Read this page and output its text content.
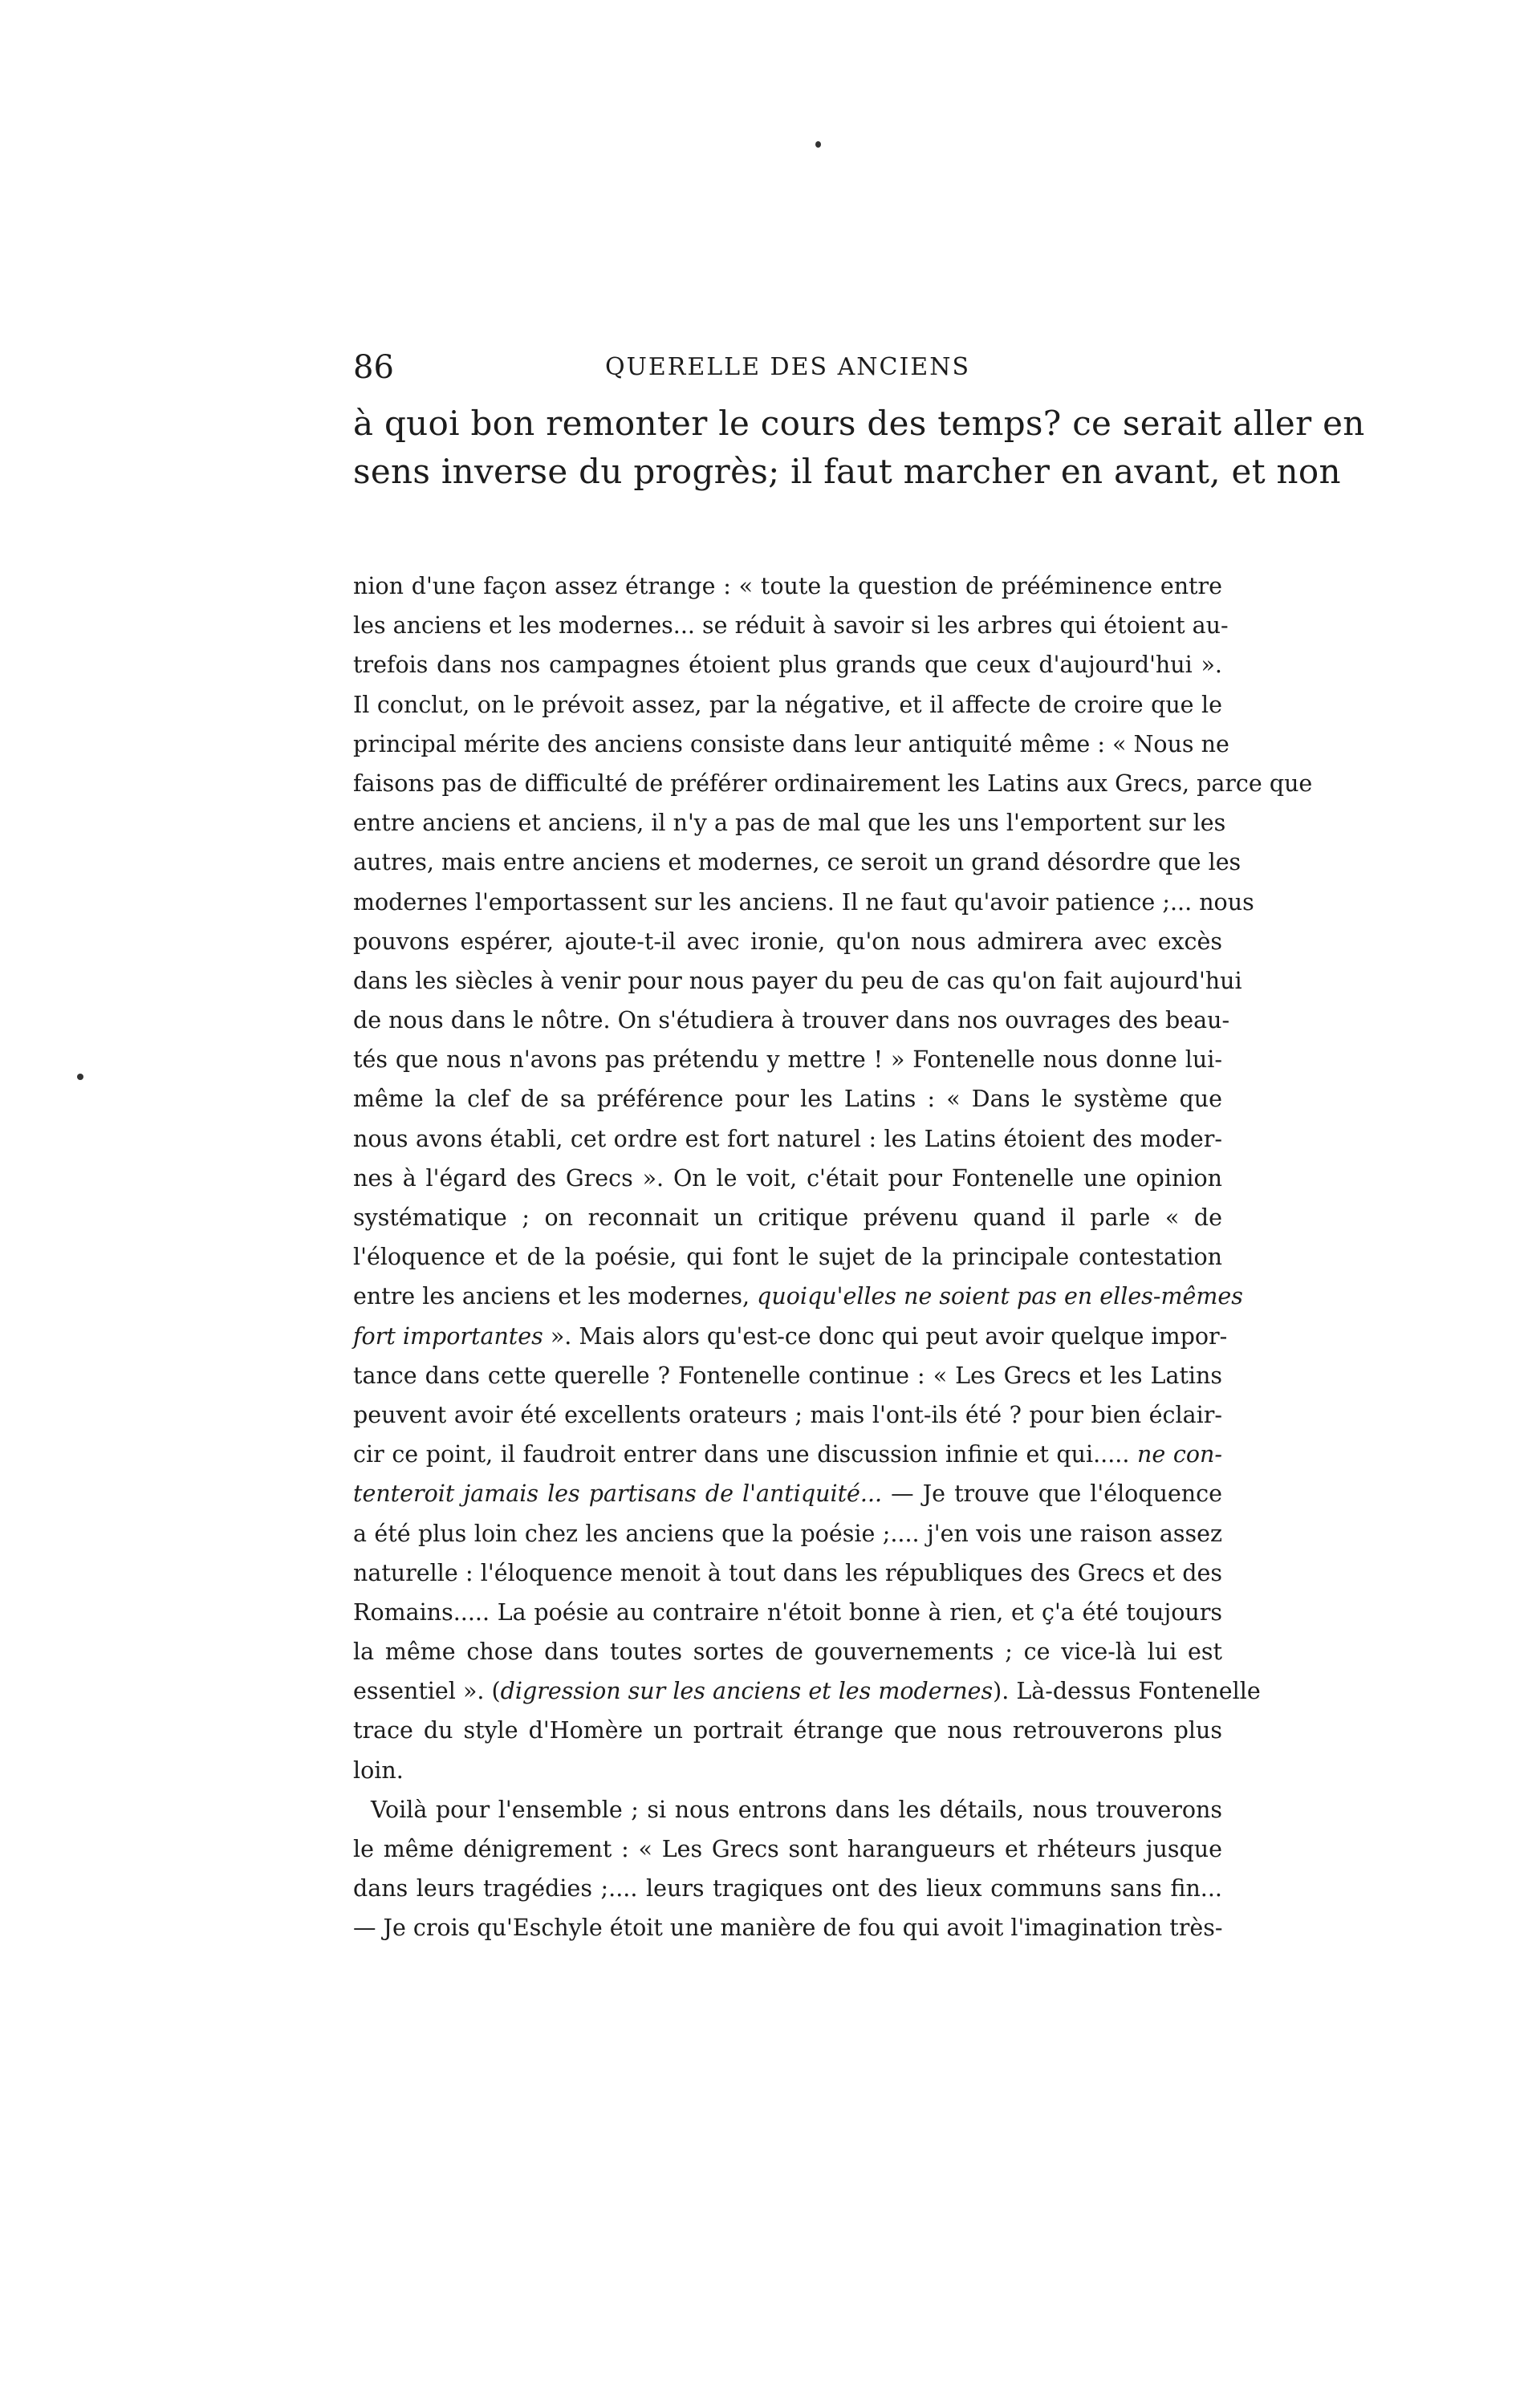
86	QUERELLE DES ANCIENS
à quoi bon remonter le cours des temps? ce serait aller en
sens inverse du progrès; il faut marcher en avant, et non
nion d'une façon assez étrange : « toute la question de prééminence entre
les anciens et les modernes... se réduit à savoir si les arbres qui étoient au-
trefois dans nos campagnes étoient plus grands que ceux d'aujourd'hui ».
Il conclut, on le prévoit assez, par la négative, et il affecte de croire que le
principal mérite des anciens consiste dans leur antiquité même : « Nous ne
faisons pas de difficulté de préférer ordinairement les Latins aux Grecs, parce que
entre anciens et anciens, il n'y a pas de mal que les uns l'emportent sur les
autres, mais entre anciens et modernes, ce seroit un grand désordre que les
modernes l'emportassent sur les anciens. Il ne faut qu'avoir patience ;... nous
pouvons espérer, ajoute-t-il avec ironie, qu'on nous admirera avec excès
dans les siècles à venir pour nous payer du peu de cas qu'on fait aujourd'hui
de nous dans le nôtre. On s'étudiera à trouver dans nos ouvrages des beau-
tés que nous n'avons pas prétendu y mettre ! » Fontenelle nous donne lui-
même la clef de sa préférence pour les Latins : « Dans le système que
nous avons établi, cet ordre est fort naturel : les Latins étoient des moder-
nes à l'égard des Grecs ». On le voit, c'était pour Fontenelle une opinion
systématique ; on reconnait un critique prévenu quand il parle « de
l'éloquence et de la poésie, qui font le sujet de la principale contestation
entre les anciens et les modernes, quoiqu'elles ne soient pas en elles-mêmes
fort importantes ». Mais alors qu'est-ce donc qui peut avoir quelque impor-
tance dans cette querelle ? Fontenelle continue : « Les Grecs et les Latins
peuvent avoir été excellents orateurs ; mais l'ont-ils été ? pour bien éclair-
cir ce point, il faudroit entrer dans une discussion infinie et qui..... ne con-
tenteroit jamais les partisans de l'antiquité... — Je trouve que l'éloquence
a été plus loin chez les anciens que la poésie ;.... j'en vois une raison assez
naturelle : l'éloquence menoit à tout dans les républiques des Grecs et des
Romains..... La poésie au contraire n'étoit bonne à rien, et ç'a été toujours
la même chose dans toutes sortes de gouvernements ; ce vice-là lui est
essentiel ». (digression sur les anciens et les modernes). Là-dessus Fontenelle
trace du style d'Homère un portrait étrange que nous retrouverons plus
loin.
Voilà pour l'ensemble ; si nous entrons dans les détails, nous trouverons
le même dénigrement : « Les Grecs sont harangueurs et rhéteurs jusque
dans leurs tragédies ;.... leurs tragiques ont des lieux communs sans fin...
— Je crois qu'Eschyle étoit une manière de fou qui avoit l'imagination très-
